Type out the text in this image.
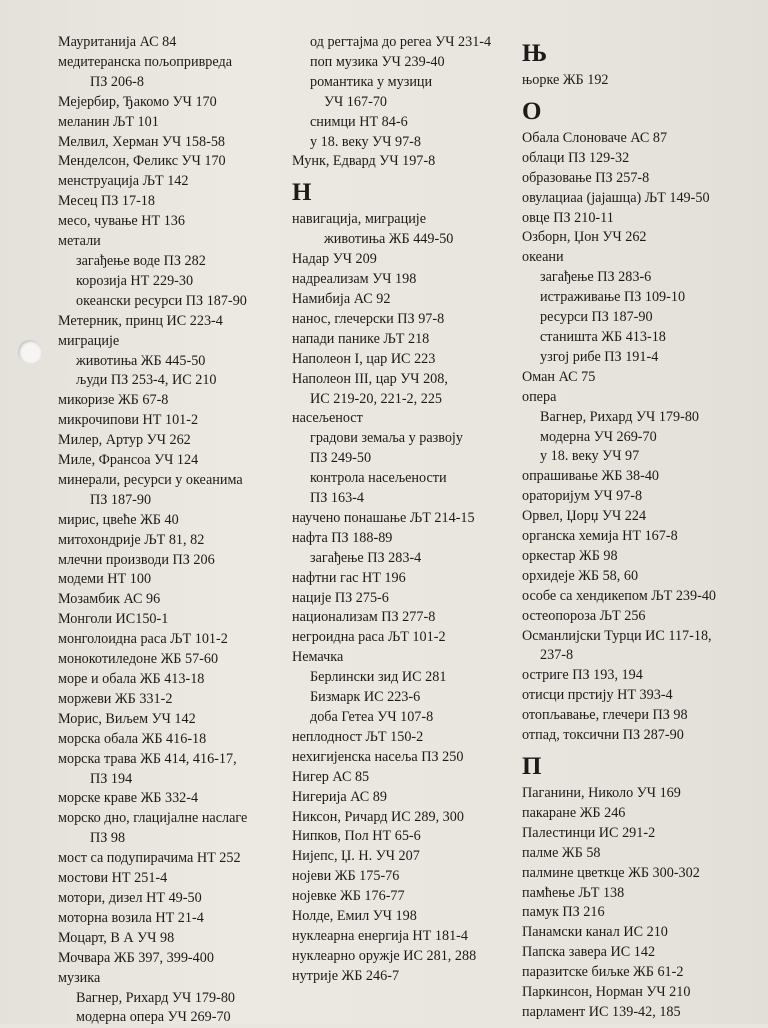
Мауританија АС 84
медитеранска пољопривреда
ПЗ 206-8
Мејербир, Ђакомо УЧ 170
меланин ЉТ 101
Мелвил, Херман УЧ 158-58
Менделсон, Феликс УЧ 170
менструација ЉТ 142
Месец ПЗ 17-18
месо, чување НТ 136
метали
загађење воде ПЗ 282
корозија НТ 229-30
океански ресурси ПЗ 187-90
Метерник, принц ИС 223-4
миграције
животиња ЖБ 445-50
људи ПЗ 253-4, ИС 210
микоризе ЖБ 67-8
микрочипови НТ 101-2
Милер, Артур УЧ 262
Миле, Франсоа УЧ 124
минерали, ресурси у океанима
ПЗ 187-90
мирис, цвеће ЖБ 40
митохондрије ЉТ 81, 82
млечни производи ПЗ 206
модеми НТ 100
Мозамбик АС 96
Монголи ИС150-1
монголоидна раса ЉТ 101-2
монокотиледоне ЖБ 57-60
море и обала ЖБ 413-18
моржеви ЖБ 331-2
Морис, Виљем УЧ 142
морска обала ЖБ 416-18
морска трава ЖБ 414, 416-17,
ПЗ 194
морске краве ЖБ 332-4
морско дно, глацијалне наслаге
ПЗ 98
мост са подупирачима НТ 252
мостови НТ 251-4
мотори, дизел НТ 49-50
моторна возила НТ 21-4
Моцарт, В А УЧ 98
Мочвара ЖБ 397, 399-400
музика
Вагнер, Рихард УЧ 179-80
модерна опера УЧ 269-70
од регтајма до регеа УЧ 231-4
поп музика УЧ 239-40
романтика у музици
УЧ 167-70
снимци НТ 84-6
у 18. веку УЧ 97-8
Мунк, Едвард УЧ 197-8
Н
навигација, миграције
животиња ЖБ 449-50
Надар УЧ 209
надреализам УЧ 198
Намибија АС 92
нанос, глечерски ПЗ 97-8
напади панике ЉТ 218
Наполеон I, цар ИС 223
Наполеон III, цар УЧ 208,
ИС 219-20, 221-2, 225
насељеност
градови земаља у развоју
ПЗ 249-50
контрола насељености
ПЗ 163-4
научено понашање ЉТ 214-15
нафта ПЗ 188-89
загађење ПЗ 283-4
нафтни гас НТ 196
нације ПЗ 275-6
национализам ПЗ 277-8
негроидна раса ЉТ 101-2
Немачка
Берлински зид ИС 281
Бизмарк ИС 223-6
доба Гетеа УЧ 107-8
неплодност ЉТ 150-2
нехигијенска насеља ПЗ 250
Нигер АС 85
Нигерија АС 89
Никсон, Ричард ИС 289, 300
Нипков, Пол НТ 65-6
Нијепс, Џ. Н. УЧ 207
нојеви ЖБ 175-76
нојевке ЖБ 176-77
Нолде, Емил УЧ 198
нуклеарна енергија НТ 181-4
нуклеарно оружје ИС 281, 288
нутрије ЖБ 246-7
Њ
њорке ЖБ 192
О
Обала Слоноваче АС 87
облаци ПЗ 129-32
образовање ПЗ 257-8
овулациаа (јајашца) ЉТ 149-50
овце ПЗ 210-11
Озборн, Џон УЧ 262
океани
загађење ПЗ 283-6
истраживање ПЗ 109-10
ресурси ПЗ 187-90
станишта ЖБ 413-18
узгој рибе ПЗ 191-4
Оман АС 75
опера
Вагнер, Рихард УЧ 179-80
модерна УЧ 269-70
у 18. веку УЧ 97
опрашивање ЖБ 38-40
ораторијум УЧ 97-8
Орвел, Џорџ УЧ 224
органска хемија НТ 167-8
оркестар ЖБ 98
орхидеје ЖБ 58, 60
особе са хендикепом ЉТ 239-40
остеопороза ЉТ 256
Османлијски Турци ИС 117-18,
237-8
остриге ПЗ 193, 194
отисци прстију НТ 393-4
отопљавање, глечери ПЗ 98
отпад, токсични ПЗ 287-90
П
Паганини, Николо УЧ 169
пакаране ЖБ 246
Палестинци ИС 291-2
палме ЖБ 58
палмине цветкце ЖБ 300-302
памћење ЉТ 138
памук ПЗ 216
Панамски канал ИС 210
Папска завера ИС 142
паразитске биљке ЖБ 61-2
Паркинсон, Норман УЧ 210
парламент ИС 139-42, 185
